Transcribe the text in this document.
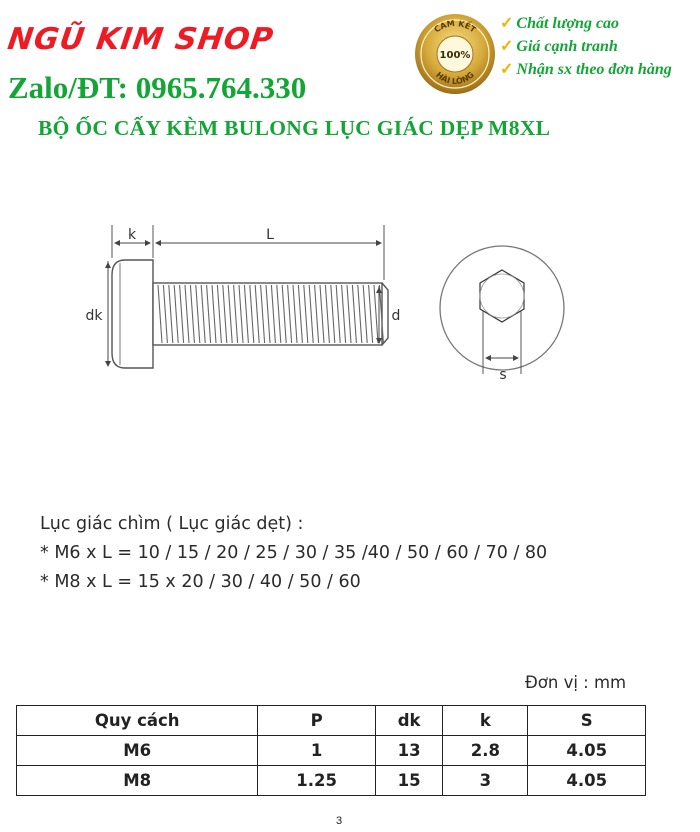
NGŨ KIM SHOP
Zalo/ĐT: 0965.764.330
BỘ ỐC CẤY KÈM BULONG LỤC GIÁC DẸP M8XL
CAM KẾT
HÀI LÒNG
100%
✓ Chất lượng cao
✓ Giá cạnh tranh
✓ Nhận sx theo đơn hàng
k	L
dk	d
s
Lục giác chìm ( Lục giác dẹt) :
* M6 x L = 10 / 15 / 20 / 25 / 30 / 35 /40 / 50 / 60 / 70 / 80
* M8 x L = 15 x 20 / 30 / 40 / 50 / 60
Đơn vị : mm
Quy cách	P	dk	k	S
M6	1	13	2.8	4.05
M8	1.25	15	3	4.05
3
